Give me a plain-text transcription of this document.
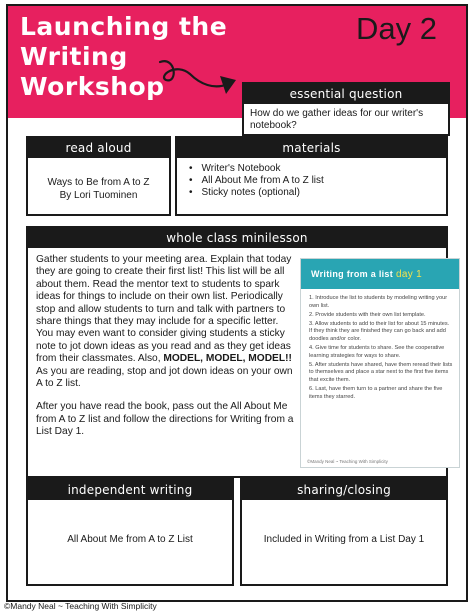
Launching the Writing
Workshop
Day 2
essential question
How do we gather ideas for our writer's notebook?
read aloud
Ways to Be from A to Z
By Lori Tuominen
materials
• Writer's Notebook
• All About Me from A to Z list
• Sticky notes (optional)
whole class minilesson

Gather students to your meeting area. Explain that today they are going to create their first list! This list will be all about them. Read the mentor text to students to spark ideas for things to include on their own list. Periodically stop and allow students to turn and talk with partners to share things that they may include for a specific letter. You may even want to consider giving students a sticky note to jot down ideas as you read and as they get ideas from their classmates. Also, MODEL, MODEL, MODEL!! As you are reading, stop and jot down ideas on your own A to Z list.

After you have read the book, pass out the All About Me from A to Z list and follow the directions for Writing from a List Day 1.

Writing from a list day 1
1. Introduce the list to students by modeling writing your own list.
2. Provide students with their own list template.
3. Allow students to add to their list for about 15 minutes. If they think they are finished they can go back and add doodles and/or color.
4. Give time for students to share. See the cooperative learning strategies for ways to share.
5. After students have shared, have them reread their lists to themselves and place a star next to the first five items that excite them.
6. Last, have them turn to a partner and share the five items they starred.
©Mandy Neal ~ Teaching With Simplicity
independent writing
All About Me from A to Z List
sharing/closing
Included in Writing from a List Day 1
©Mandy Neal ~ Teaching With Simplicity
